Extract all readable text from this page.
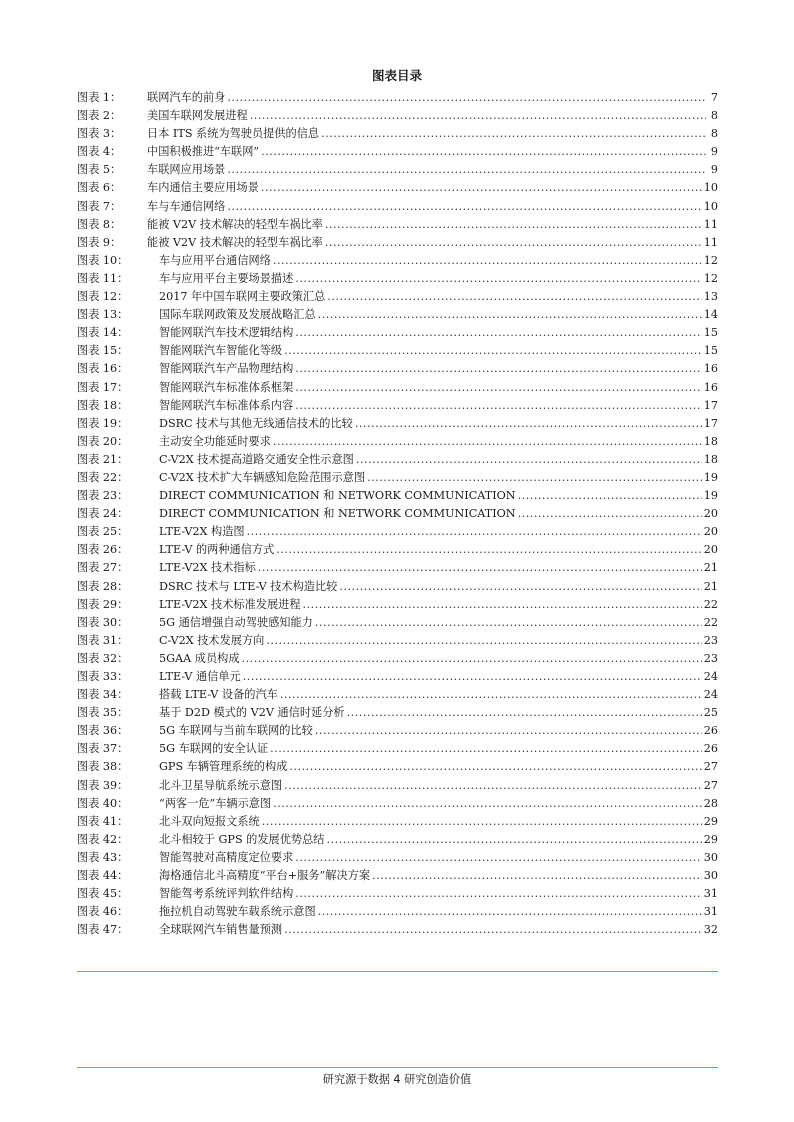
图表目录
图表 1：	联网汽车的前身 .....	7
图表 2：	美国车联网发展进程 .....	8
图表 3：	日本 ITS 系统为驾驶员提供的信息 .....	8
图表 4：	中国积极推进“车联网” .....	9
图表 5：	车联网应用场景 .....	9
图表 6：	车内通信主要应用场景 .....	10
图表 7：	车与车通信网络 .....	10
图表 8：	能被 V2V 技术解决的轻型车祸比率 .....	11
图表 9：	能被 V2V 技术解决的轻型车祸比率 .....	11
图表 10：	车与应用平台通信网络 .....	12
图表 11：	车与应用平台主要场景描述 .....	12
图表 12：	2017 年中国车联网主要政策汇总 .....	13
图表 13：	国际车联网政策及发展战略汇总 .....	14
图表 14：	智能网联汽车技术逻辑结构 .....	15
图表 15：	智能网联汽车智能化等级 .....	15
图表 16：	智能网联汽车产品物理结构 .....	16
图表 17：	智能网联汽车标准体系框架 .....	16
图表 18：	智能网联汽车标准体系内容 .....	17
图表 19：	DSRC 技术与其他无线通信技术的比较 .....	17
图表 20：	主动安全功能延时要求 .....	18
图表 21：	C-V2X 技术提高道路交通安全性示意图 .....	18
图表 22：	C-V2X 技术扩大车辆感知危险范围示意图 .....	19
图表 23：	DIRECT COMMUNICATION 和 NETWORK COMMUNICATION .....	19
图表 24：	DIRECT COMMUNICATION 和 NETWORK COMMUNICATION .....	20
图表 25：	LTE-V2X 构造图 .....	20
图表 26：	LTE-V 的两种通信方式 .....	20
图表 27：	LTE-V2X 技术指标 .....	21
图表 28：	DSRC 技术与 LTE-V 技术构造比较 .....	21
图表 29：	LTE-V2X 技术标准发展进程 .....	22
图表 30：	5G 通信增强自动驾驶感知能力 .....	22
图表 31：	C-V2X 技术发展方向 .....	23
图表 32：	5GAA 成员构成 .....	23
图表 33：	LTE-V 通信单元 .....	24
图表 34：	搭载 LTE-V 设备的汽车 .....	24
图表 35：	基于 D2D 模式的 V2V 通信时延分析 .....	25
图表 36：	5G 车联网与当前车联网的比较 .....	26
图表 37：	5G 车联网的安全认证 .....	26
图表 38：	GPS 车辆管理系统的构成 .....	27
图表 39：	北斗卫星导航系统示意图 .....	27
图表 40：	“两客一危”车辆示意图 .....	28
图表 41：	北斗双向短报文系统 .....	29
图表 42：	北斗相较于 GPS 的发展优势总结 .....	29
图表 43：	智能驾驶对高精度定位要求 .....	30
图表 44：	海格通信北斗高精度“平台+服务”解决方案 .....	30
图表 45：	智能驾考系统评判软件结构 .....	31
图表 46：	拖拉机自动驾驶车载系统示意图 .....	31
图表 47：	全球联网汽车销售量预测 .....	32
研究源于数据 4 研究创造价值
